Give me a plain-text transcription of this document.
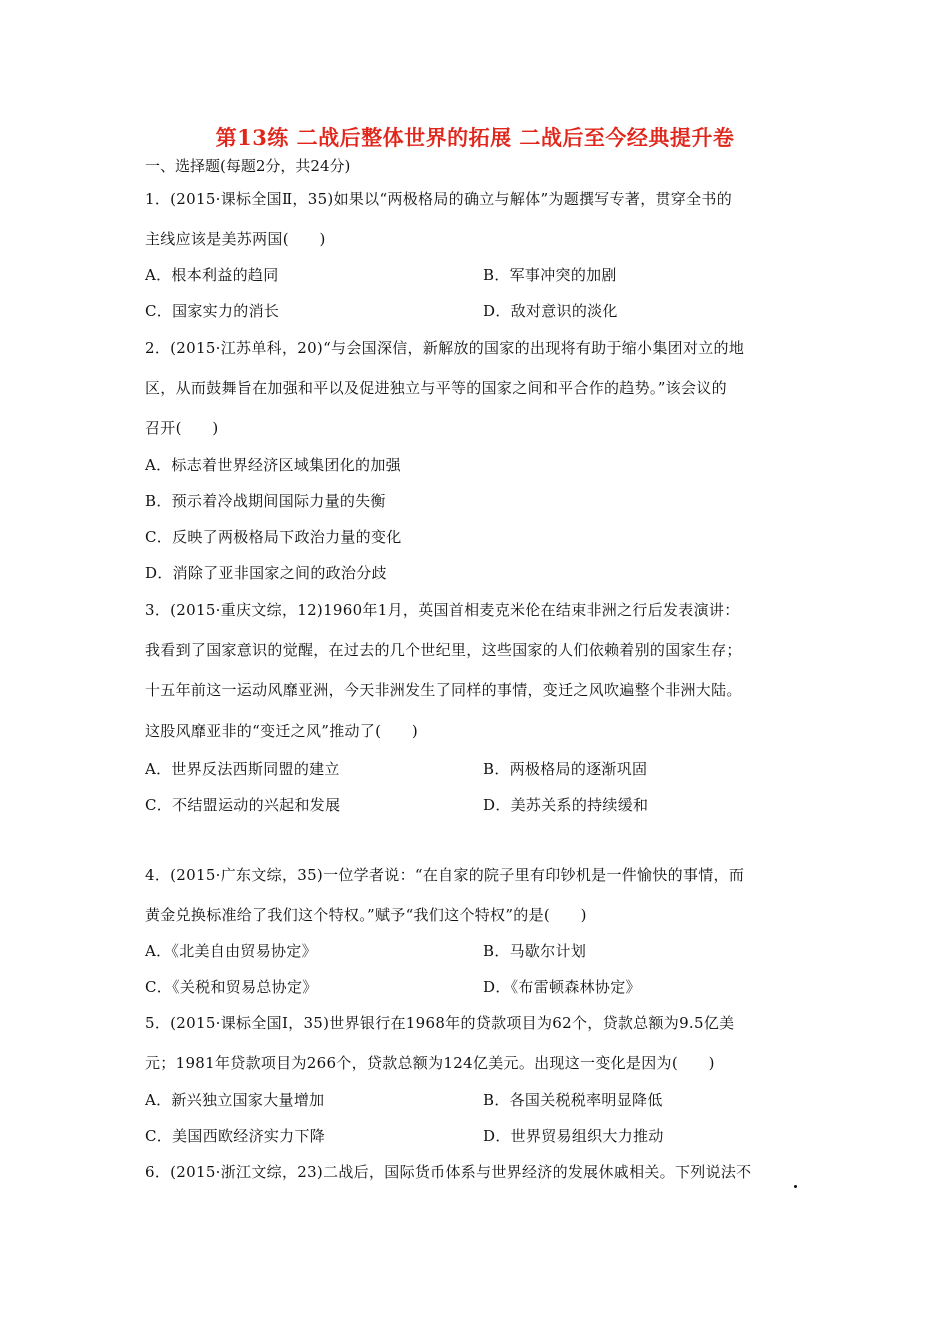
第13练 二战后整体世界的拓展 二战后至今经典提升卷
一、选择题(每题2分，共24分)
1．(2015·课标全国Ⅱ，35)如果以“两极格局的确立与解体”为题撰写专著，贯穿全书的
主线应该是美苏两国(　　)
A．根本利益的趋同	B．军事冲突的加剧
C．国家实力的消长	D．敌对意识的淡化
2．(2015·江苏单科，20)“与会国深信，新解放的国家的出现将有助于缩小集团对立的地
区，从而鼓舞旨在加强和平以及促进独立与平等的国家之间和平合作的趋势。”该会议的
召开(　　)
A．标志着世界经济区域集团化的加强
B．预示着冷战期间国际力量的失衡
C．反映了两极格局下政治力量的变化
D．消除了亚非国家之间的政治分歧
3．(2015·重庆文综，12)1960年1月，英国首相麦克米伦在结束非洲之行后发表演讲：
我看到了国家意识的觉醒，在过去的几个世纪里，这些国家的人们依赖着别的国家生存；
十五年前这一运动风靡亚洲，今天非洲发生了同样的事情，变迁之风吹遍整个非洲大陆。
这股风靡亚非的“变迁之风”推动了(　　)
A．世界反法西斯同盟的建立	B．两极格局的逐渐巩固
C．不结盟运动的兴起和发展	D．美苏关系的持续缓和
4．(2015·广东文综，35)一位学者说：“在自家的院子里有印钞机是一件愉快的事情，而
黄金兑换标准给了我们这个特权。”赋予“我们这个特权”的是(　　)
A．《北美自由贸易协定》	B．马歇尔计划
C．《关税和贸易总协定》	D．《布雷顿森林协定》
5．(2015·课标全国Ⅰ，35)世界银行在1968年的贷款项目为62个，贷款总额为9.5亿美
元；1981年贷款项目为266个，贷款总额为124亿美元。出现这一变化是因为(　　)
A．新兴独立国家大量增加	B．各国关税税率明显降低
C．美国西欧经济实力下降	D．世界贸易组织大力推动
6．(2015·浙江文综，23)二战后，国际货币体系与世界经济的发展休戚相关。下列说法不
